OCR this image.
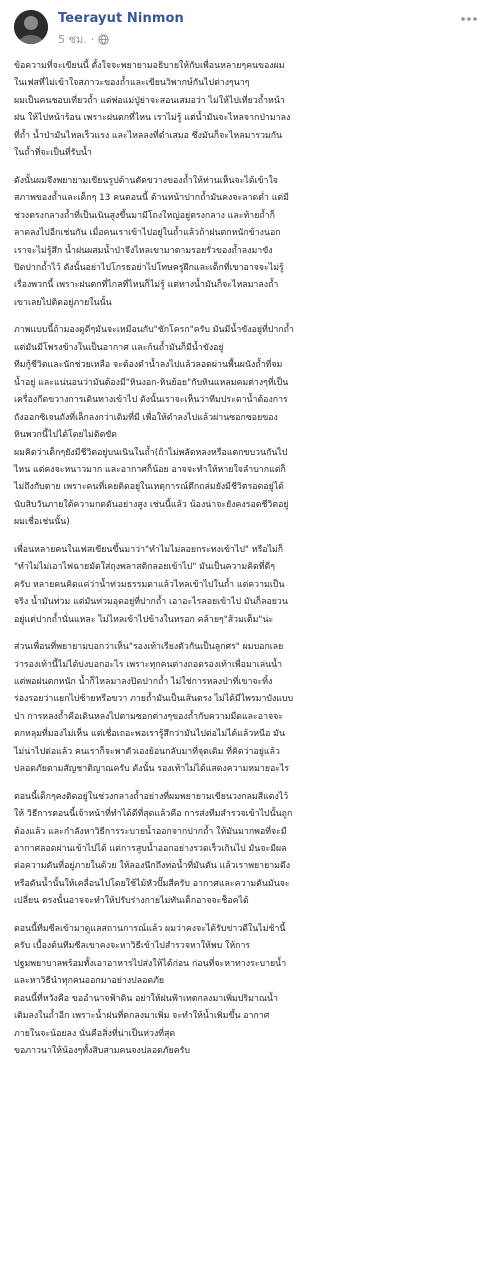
Teerayut Ninmon
5 ชม. ·
ข้อความที่จะเขียนนี้ ตั้งใจจะพยายามอธิบายให้กับเพื่อนหลายๆคนของผม
ในเฟสที่ไม่เข้าใจสภาวะของถ้ำและเขียนวิพากษ์กันไปต่างๆนาๆ
ผมเป็นคนชอบเที่ยวถ้ำ แต่พ่อแม่ปู่ย่าจะสอนเสมอว่า ไม่ให้ไปเที่ยวถ้ำหน้า
ฝน ให้ไปหน้าร้อน เพราะฝนตกที่ไหน เราไม่รู้ แต่น้ำมันจะไหลจากป่ามาลง
ที่ถ้ำ น้ำป่ามันไหลเร็วแรง และไหลลงที่ต่ำเสมอ ซึ่งมันก็จะไหลมารวมกัน
ในถ้ำที่จะเป็นที่รับน้ำ
ดังนั้นผมจึงพยายามเขียนรูปด้านตัดขวางของถ้ำให้ท่านเห็นจะได้เข้าใจ
สภาพของถ้ำและเด็กๆ 13 คนตอนนี้ ด้านหน้าปากถ้ำมันคงจะลาดต่ำ แต่มี
ช่วงตรงกลางถ้ำที่เป็นเนินสูงขึ้นมามีโถงใหญ่อยู่ตรงกลาง และท้ายถ้ำก็
ลาดลงไปอีกเช่นกัน เมื่อคนเราเข้าไปอยู่ในถ้ำแล้วถ้าฝนตกหนักข้างนอก
เราจะไม่รู้สึก น้ำฝนผสมน้ำป่าจึงไหลเขามาตามรอยรั่วของถ้ำลงมาขัง
ปิดปากถ้ำไว้ ดังนั้นอย่าไปโกรธอย่าไปโทษครูฝึกและเด็กที่เขาอาจจะไม่รู้
เรื่องพวกนี้ เพราะฝนตกที่ไกลที่ไหนก็ไม่รู้ แต่ทางน้ำมันก็จะไหลมาลงถ้ำ
เขาเลยไปติดอยู่ภายในนั้น
ภาพแบบนี้ถ้ามองดูดีๆมันจะเหมือนกับ"ชักโครก"ครับ มันมีน้ำขังอยู่ที่ปากถ้ำ
แต่มันมีโพรงข้างในเป็นอากาศ และก้นถ้ำมันก็มีน้ำขังอยู่
ทีมกู้ชีวิตและนักช่วยเหลือ จะต้องดำน้ำลงไปแล้วลอดผ่านพื้นผนังถ้ำที่จม
น้ำอยู่ และแน่นอนว่ามันต้องมี"หินงอก-หินย้อย"กับหินแหลมคมต่างๆที่เป็น
เครื่องกีดขวางการเดินทางเข้าไป ดังนั้นเราจะเห็นว่าทีมประดาน้ำต้องการ
ถังออกซิเจนถังที่เล็กลงกว่าเดิมที่มี เพื่อให้ดำลงไปแล้วผ่านซอกซอยของ
หินพวกนี้ไปได้โดยไม่ติดขัด
ผมคิดว่าเด็กๆยังมีชีวิตอยู่บนเนินในถ้ำ(ถ้าไม่พลัดหลงหรือแตกขบวนกันไป
ไหน แต่คงจะหนาวมาก และอากาศก็น้อย อาจจะทำให้หายใจลำบากแต่ก็
ไม่ถึงกับตาย เพราะคนที่เคยติดอยู่ในเหตุการณ์ตึกถล่มยังมีชีวิตรอดอยู่ได้
นับสิบวันภายใต้ความกดดันอย่างสูง เช่นนี้แล้ว น้องน่าจะยังคงรอดชีวิตอยู่
ผมเชื่อเช่นนั้น)
เพื่อนหลายคนในเฟสเขียนขึ้นมาว่า"ทำไมไม่ลอยกระทงเข้าไป" หรือไม่ก็
"ทำไมไม่เอาไฟฉายมัดใส่ถุงพลาสติกลอยเข้าไป" มันเป็นความคิดที่ดีๆ
ครับ หลายคนคิดแค่ว่าน้ำท่วมธรรมดาแล้วไหลเข้าไปในถ้ำ แต่ความเป็น
จริง น้ำมันท่วม แต่มันท่วมอุดอยู่ที่ปากถ้ำ เอาอะไรลอยเข้าไป มันก็ลอยวน
อยู่แต่ปากถ้ำนั่นแหละ ไม่ไหลเข้าไปข้างในหรอก คล้ายๆ"ส้วมเต็ม"น่ะ
ส่วนเพื่อนที่พยายามบอกว่าเห็น"รองเท้าเรียงตัวกันเป็นลูกศร" ผมบอกเลย
ว่ารองเท้านี้ไม่ได้บ่งบอกอะไร เพราะทุกคนต่างถอดรองเท้าเพื่อมาเล่นน้ำ
แต่พอฝนตกหนัก น้ำก็ไหลมาลงปิดปากถ้ำ ไม่ใช่การหลงป่าที่เขาจะทิ้ง
ร่องรอยว่าแยกไปซ้ายหรือขวา ภายถ้ำมันเป็นเส้นตรง ไม่ได้มีไพรมาบังแบบ
ป่า การหลงถ้ำคือเดินหลงไปตามซอกต่างๆของถ้ำกับความมืดและอาจจะ
ตกหลุมที่มองไม่เห็น แต่เชื่อเถอะพอเรารู้สึกว่ามันไปต่อไม่ได้แล้วหนือ มัน
ไม่น่าไปต่อแล้ว คนเราก็จะพาตัวเองย้อนกลับมาที่จุดเดิม ที่คิดว่าอยู่แล้ว
ปลอดภัยตามสัญชาติญาณครับ ดังนั้น รองเท้าไม่ได้แสดงความหมายอะไร
ตอนนี้เด็กๆคงติดอยู่ในช่วงกลางถ้ำอย่างที่ผมพยายามเขียนวงกลมสีแดงไว้
ให้ วิธีการตอนนี้เจ้าหน้าที่ทำได้ดีที่สุดแล้วคือ การส่งทีมสำรวจเข้าไปนั้นถูก
ต้องแล้ว และกำลังหาวิธีการระบายน้ำออกจากปากถ้ำ ให้มันมากพอที่จะมี
อากาศลอดผ่านเข้าไปได้ แต่การสูบน้ำออกอย่างรวดเร็วเกินไป มันจะมีผล
ต่อความดันที่อยู่ภายในด้วย ให้ลองนึกถึงท่อน้ำที่มันตัน แล้วเราพยายามดึง
หรือดันน้ำนั้นให้เคลื่อนไปโดยใช้ไม้หัวปั๊มสีครับ อากาศและความดันมันจะ
เปลี่ยน ตรงนั้นอาจจะทำให้ปรับร่างกายไม่ทันเด็กอาจจะช็อคได้
ตอนนี้ทีมซีลเข้ามาดูแลสถานการณ์แล้ว ผมว่าคงจะได้รับข่าวดีในไม่ช้านี้
ครับ เบื้องต้นทีมซีลเขาคงจะหาวิธีเข้าไปสำรวจหาให้พบ ให้การ
ปฐมพยาบาลพร้อมทั้งเอาอาหารไปส่งให้ได้ก่อน ก่อนที่จะหาทางระบายน้ำ
และหาวิธีนำทุกคนออกมาอย่างปลอดภัย
ตอนนี้ที่หวังคือ ขออำนาจฟ้าดิน อย่าให้ฝนฟ้าเทตกลงมาเพิ่มปริมาณน้ำ
เติมลงในถ้ำอีก เพราะน้ำฝนที่ตกลงมาเพิ่ม จะทำให้น้ำเพิ่มขึ้น อากาศ
ภายในจะน้อยลง นั่นคือสิ่งที่น่าเป็นห่วงที่สุด
ขอภาวนาให้น้องๆทั้งสิบสามคนจงปลอดภัยครับ
